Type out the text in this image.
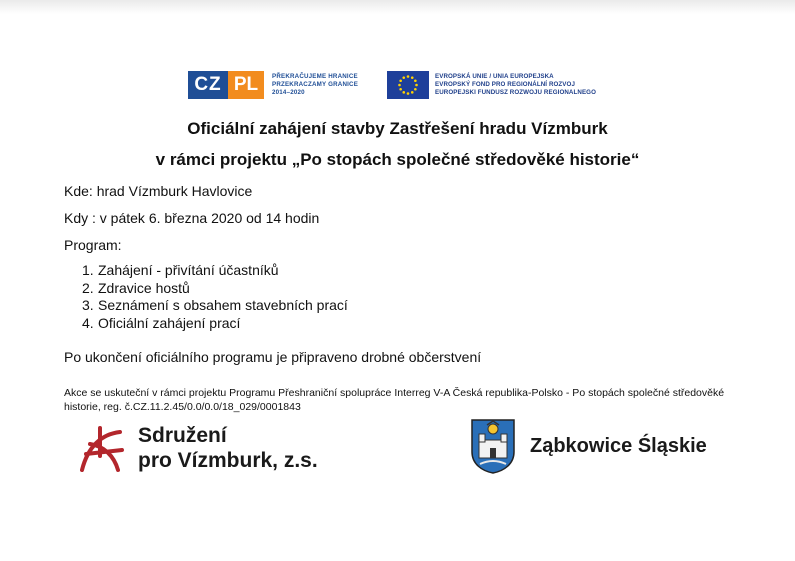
CZ PL	PŘEKRAČUJEME HRANICE
PRZEKRACZAMY GRANICE
2014–2020
EVROPSKÁ UNIE / UNIA EUROPEJSKA
EVROPSKÝ FOND PRO REGIONÁLNÍ ROZVOJ
EUROPEJSKI FUNDUSZ ROZWOJU REGIONALNEGO
Oficiální zahájení stavby Zastřešení hradu Vízmburk
v rámci projektu „Po stopách společné středověké historie“
Kde: hrad Vízmburk Havlovice
Kdy : v pátek 6. března 2020 od 14 hodin
Program:
1. Zahájení - přivítání účastníků
2. Zdravice hostů
3. Seznámení s obsahem stavebních prací
4. Oficiální zahájení prací
Po ukončení oficiálního programu je připraveno drobné občerstvení
Akce se uskuteční v rámci projektu Programu Přeshraniční spolupráce Interreg V-A Česká republika-Polsko - Po stopách společné středověké historie, reg. č.CZ.11.2.45/0.0/0.0/18_029/0001843
Sdružení
pro Vízmburk, z.s.
Ząbkowice Śląskie
